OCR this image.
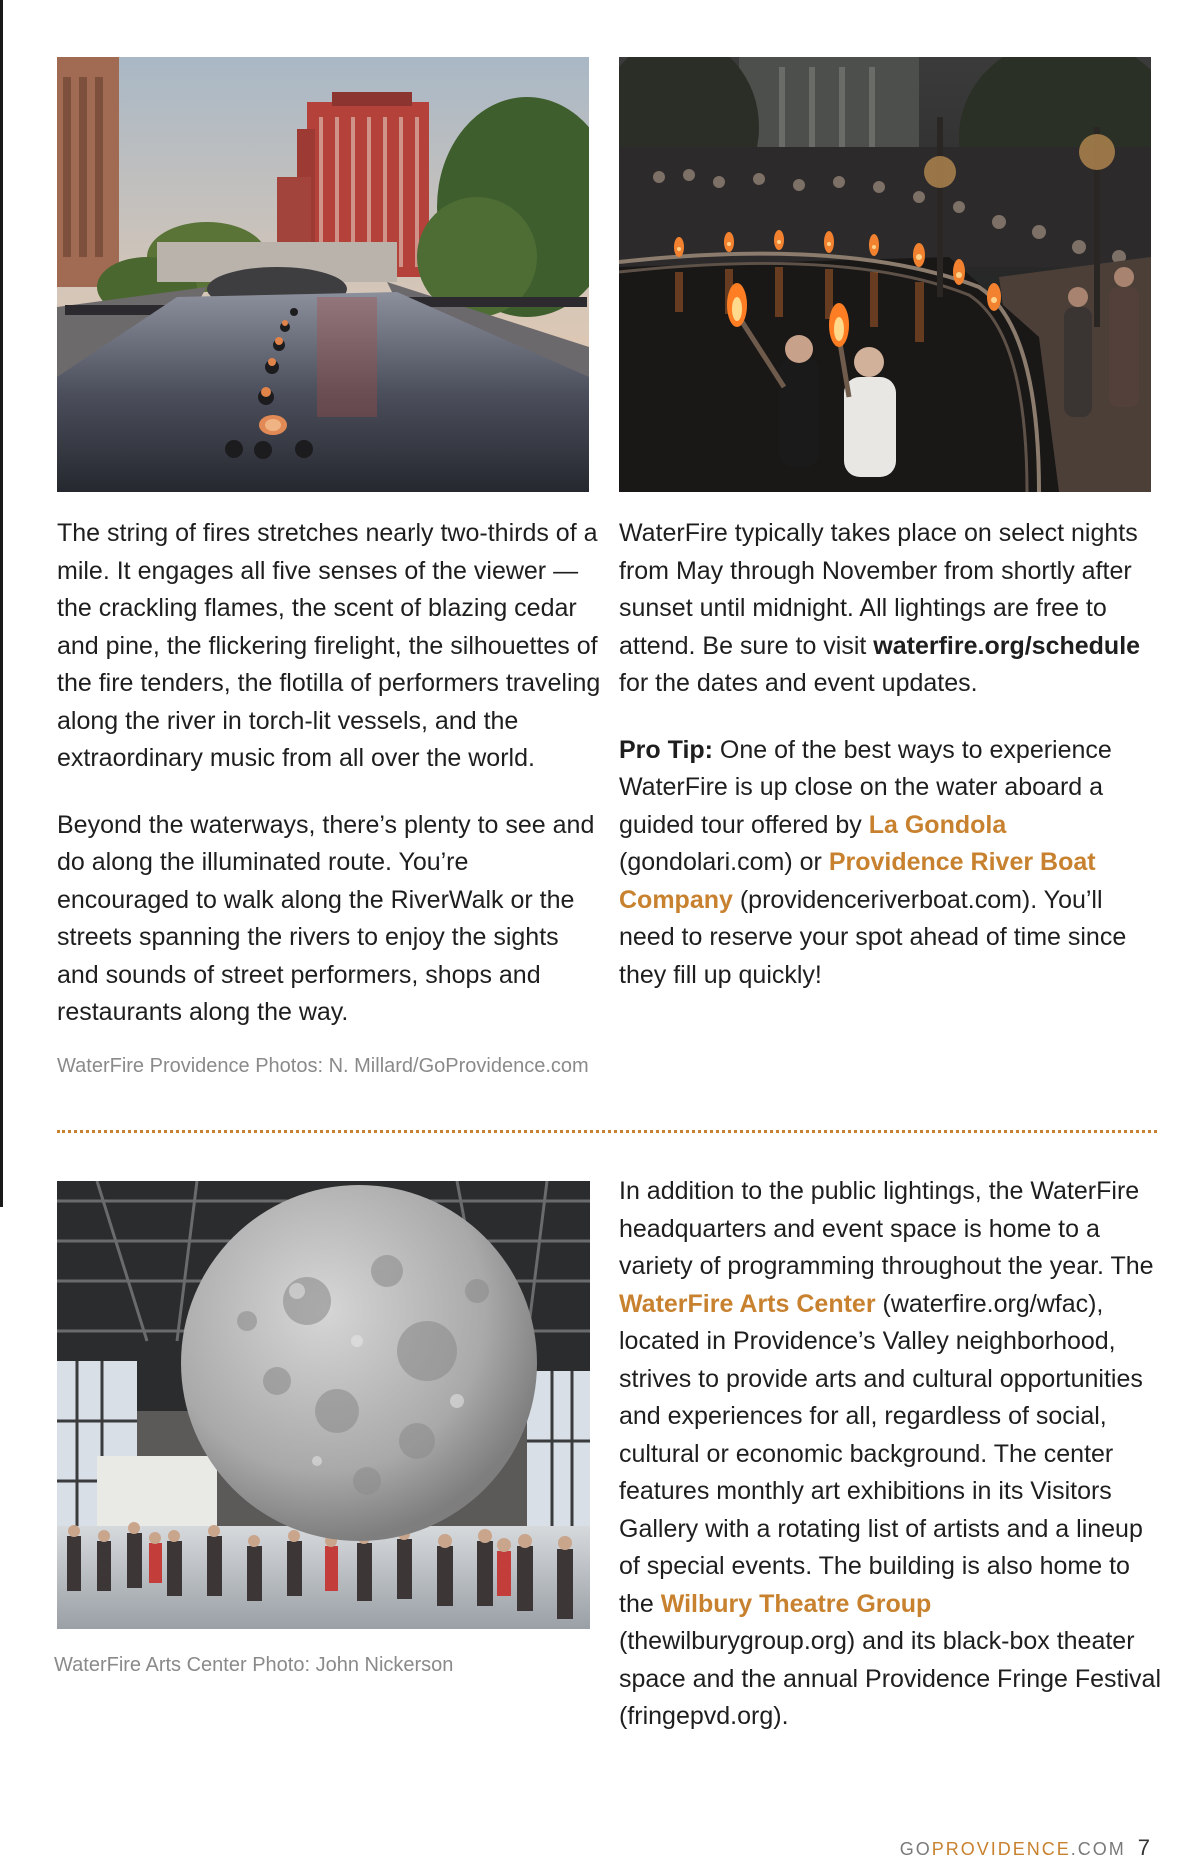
The string of fires stretches nearly two-thirds of a mile. It engages all five senses of the viewer — the crackling flames, the scent of blazing cedar and pine, the flickering firelight, the silhouettes of the fire tenders, the flotilla of performers traveling along the river in torch-lit vessels, and the extraordinary music from all over the world.

Beyond the waterways, there’s plenty to see and do along the illuminated route. You’re encouraged to walk along the RiverWalk or the streets spanning the rivers to enjoy the sights and sounds of street performers, shops and restaurants along the way.

WaterFire typically takes place on select nights from May through November from shortly after sunset until midnight. All lightings are free to attend. Be sure to visit waterfire.org/schedule for the dates and event updates.

Pro Tip: One of the best ways to experience WaterFire is up close on the water aboard a guided tour offered by La Gondola (gondolari.com) or Providence River Boat Company (providenceriverboat.com). You’ll need to reserve your spot ahead of time since they fill up quickly!

WaterFire Providence Photos: N. Millard/GoProvidence.com
WaterFire Arts Center Photo: John Nickerson

In addition to the public lightings, the WaterFire headquarters and event space is home to a variety of programming throughout the year. The WaterFire Arts Center (waterfire.org/wfac), located in Providence’s Valley neighborhood, strives to provide arts and cultural opportunities and experiences for all, regardless of social, cultural or economic background. The center features monthly art exhibitions in its Visitors Gallery with a rotating list of artists and a lineup of special events. The building is also home to the Wilbury Theatre Group (thewilburygroup.org) and its black-box theater space and the annual Providence Fringe Festival (fringepvd.org).

GOPROVIDENCE.COM 7
